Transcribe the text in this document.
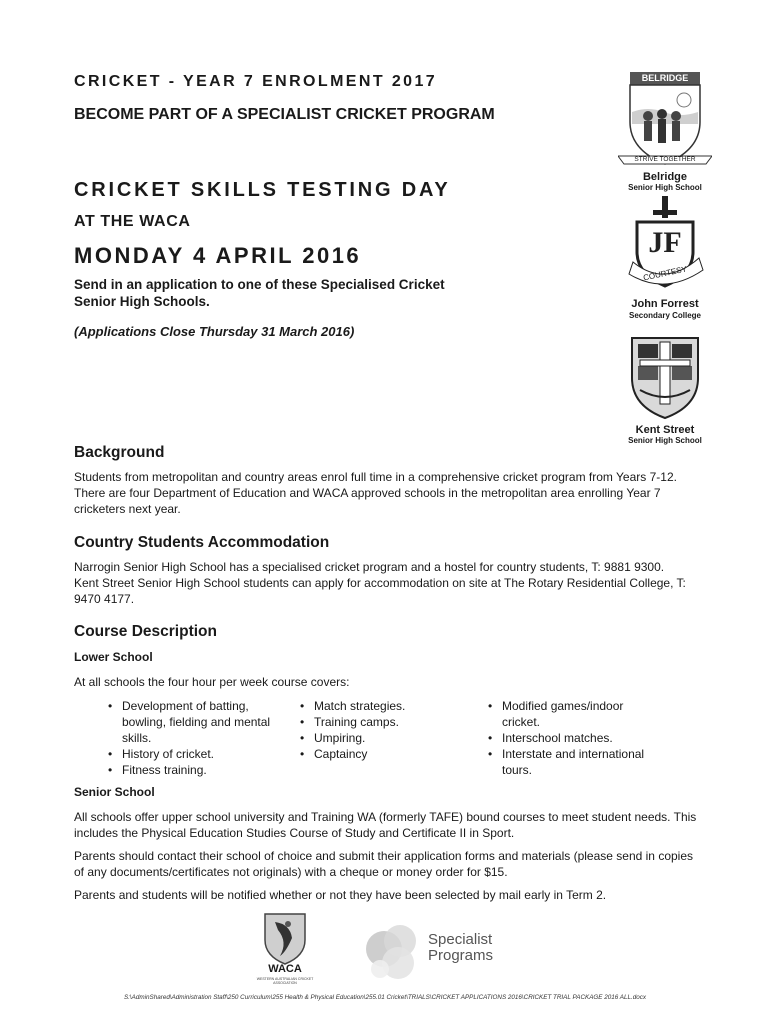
CRICKET - YEAR 7 ENROLMENT 2017
BECOME PART OF A SPECIALIST CRICKET PROGRAM
CRICKET SKILLS TESTING DAY
AT THE WACA
MONDAY 4 APRIL 2016
Send in an application to one of these Specialised Cricket Senior High Schools.
(Applications Close Thursday 31 March 2016)
BELRIDGE
STRIVE TOGETHER
Belridge
Senior High School
JF
COURTESY
John Forrest
Secondary College
Kent Street
Senior High School
Background
Students from metropolitan and country areas enrol full time in a comprehensive cricket program from Years 7-12. There are four Department of Education and WACA approved schools in the metropolitan area enrolling Year 7 cricketers next year.
Country Students Accommodation
Narrogin Senior High School has a specialised cricket program and a hostel for country students, T: 9881 9300.
Kent Street Senior High School students can apply for accommodation on site at The Rotary Residential College, T: 9470 4177.
Course Description
Lower School
At all schools the four hour per week course covers:
• Development of batting, bowling, fielding and mental skills.
• History of cricket.
• Fitness training.
• Match strategies.
• Training camps.
• Umpiring.
• Captaincy
• Modified games/indoor cricket.
• Interschool matches.
• Interstate and international tours.
Senior School
All schools offer upper school university and Training WA (formerly TAFE) bound courses to meet student needs. This includes the Physical Education Studies Course of Study and Certificate II in Sport.
Parents should contact their school of choice and submit their application forms and materials (please send in copies of any documents/certificates not originals) with a cheque or money order for $15.
Parents and students will be notified whether or not they have been selected by mail early in Term 2.
WACA
WESTERN AUSTRALIAN CRICKET ASSOCIATION
Specialist
Programs
S:\AdminShared\Administration Staff\250 Curriculum\255 Health & Physical Education\255.01 Cricket\TRIALS\CRICKET APPLICATIONS 2016\CRICKET TRIAL PACKAGE 2016 ALL.docx
